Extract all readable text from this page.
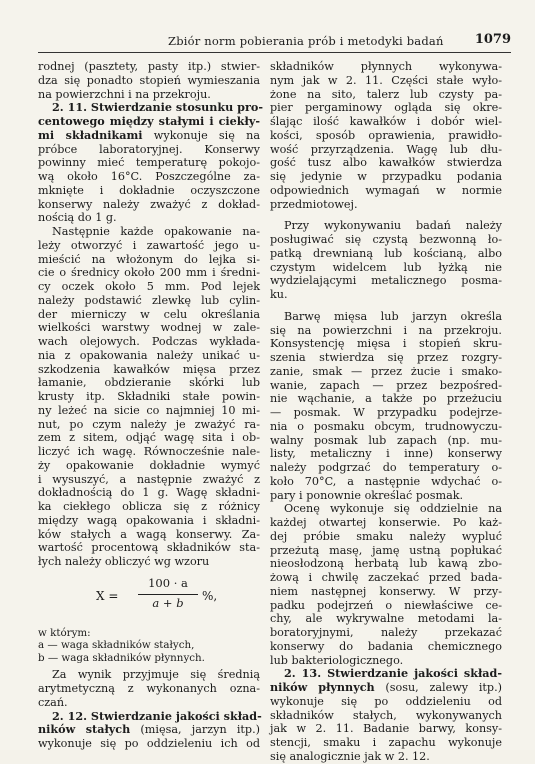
Zbiór norm pobierania prób i metodyki badań 1079
rodnej (pasztety, pasty itp.) stwier-
dza się ponadto stopień wymieszania
na powierzchni i na przekroju.
2. 11. Stwierdzanie stosunku pro-
centowego między stałymi i ciekły-
mi składnikami wykonuje się na
próbce laboratoryjnej. Konserwy
powinny mieć temperaturę pokojo-
wą około 16°C. Poszczególne za-
mknięte i dokładnie oczyszczone
konserwy należy zważyć z dokład-
nością do 1 g.
Następnie każde opakowanie na-
leży otworzyć i zawartość jego u-
mieścić na włożonym do lejka si-
cie o średnicy około 200 mm i średni-
cy oczek około 5 mm. Pod lejek
należy podstawić zlewkę lub cylin-
der mierniczy w celu określania
wielkości warstwy wodnej w zale-
wach olejowych. Podczas wykłada-
nia z opakowania należy unikać u-
szkodzenia kawałków mięsa przez
łamanie, obdzieranie skórki lub
krusty itp. Składniki stałe powin-
ny leżeć na sicie co najmniej 10 mi-
nut, po czym należy je zważyć ra-
zem z sitem, odjąć wagę sita i ob-
liczyć ich wagę. Równocześnie nale-
ży opakowanie dokładnie wymyć
i wysuszyć, a następnie zważyć z
dokładnością do 1 g. Wagę składni-
ka ciekłego oblicza się z różnicy
między wagą opakowania i składni-
ków stałych a wagą konserwy. Za-
wartość procentową składników sta-
łych należy obliczyć wg wzoru
X =
100 · a
a + b	%,
w którym:
a — waga składników stałych,
b — waga składników płynnych.
Za wynik przyjmuje się średnią
arytmetyczną z wykonanych ozna-
czań.
2. 12. Stwierdzanie jakości skład-
ników stałych (mięsa, jarzyn itp.)
wykonuje się po oddzieleniu ich od
składników płynnych wykonywa-
nym jak w 2. 11. Części stałe wyło-
żone na sito, talerz lub czysty pa-
pier pergaminowy ogląda się okre-
ślając ilość kawałków i dobór wiel-
kości, sposób oprawienia, prawidło-
wość przyrządzenia. Wagę lub dłu-
gość tusz albo kawałków stwierdza
się jedynie w przypadku podania
odpowiednich wymagań w normie
przedmiotowej.
Przy wykonywaniu badań należy
posługiwać się czystą bezwonną ło-
patką drewnianą lub kościaną, albo
czystym widelcem lub łyżką nie
wydzielającymi metalicznego posma-
ku.
Barwę mięsa lub jarzyn określa
się na powierzchni i na przekroju.
Konsystencję mięsa i stopień skru-
szenia stwierdza się przez rozgry-
zanie, smak — przez żucie i smako-
wanie, zapach — przez bezpośred-
nie wąchanie, a także po przeżuciu
— posmak. W przypadku podejrze-
nia o posmaku obcym, trudnowyczu-
walny posmak lub zapach (np. mu-
listy, metaliczny i inne) konserwy
należy podgrzać do temperatury o-
koło 70°C, a następnie wdychać o-
pary i ponownie określać posmak.
Ocenę wykonuje się oddzielnie na
każdej otwartej konserwie. Po każ-
dej próbie smaku należy wypluć
przeżutą masę, jamę ustną popłukać
nieosłodzoną herbatą lub kawą zbo-
żową i chwilę zaczekać przed bada-
niem następnej konserwy. W przy-
padku podejrzeń o niewłaściwe ce-
chy, ale wykrywalne metodami la-
boratoryjnymi, należy przekazać
konserwy do badania chemicznego
lub bakteriologicznego.
2. 13. Stwierdzanie jakości skład-
ników płynnych (sosu, zalewy itp.)
wykonuje się po oddzieleniu od
składników stałych, wykonywanych
jak w 2. 11. Badanie barwy, konsy-
stencji, smaku i zapachu wykonuje
się analogicznie jak w 2. 12.
